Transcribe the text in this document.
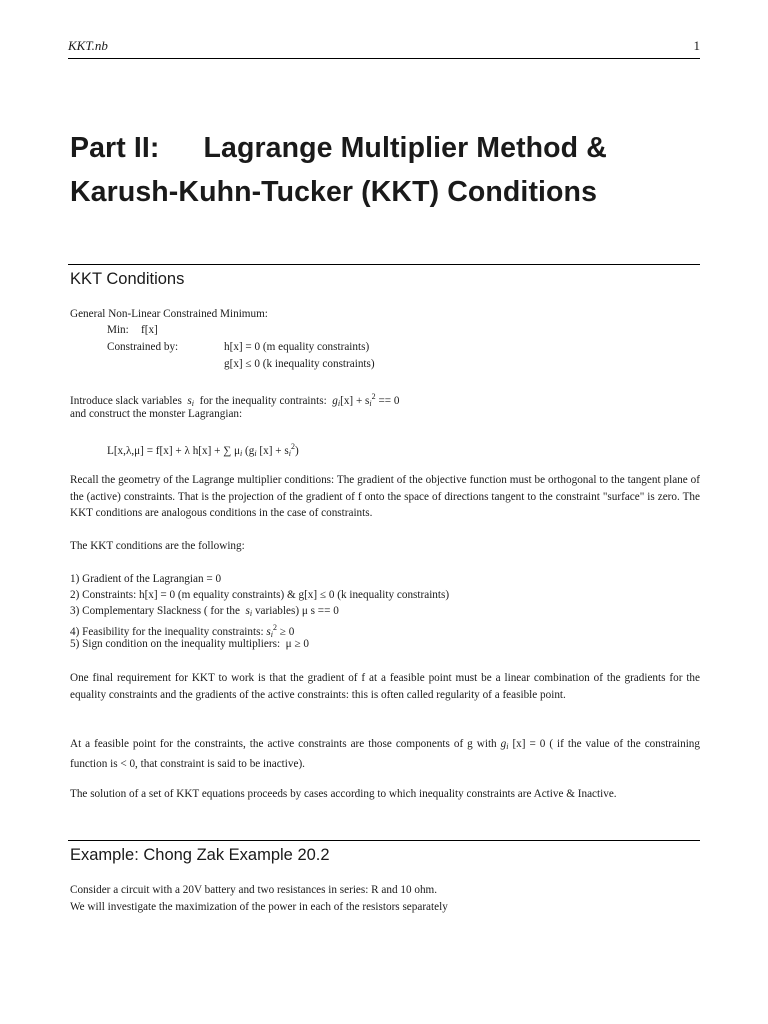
KKT.nb	1
Part II: Lagrange Multiplier Method &
Karush-Kuhn-Tucker (KKT) Conditions
KKT Conditions
General Non-Linear Constrained Minimum:
Min: f[x]
Constrained by:	h[x] = 0 (m equality constraints)
g[x] ≤ 0 (k inequality constraints)
Introduce slack variables $s_i$ for the inequality contraints: $g_i[x] + s_i^2 == 0$
and construct the monster Lagrangian:
L[x,λ,μ] = f[x] + λ h[x] + ∑ $\mu_i$ ($g_i$ $[x] + s_i^2$)
Recall the geometry of the Lagrange multiplier conditions: The gradient of the objective function must be orthogonal to the tangent plane of the (active) constraints. That is the projection of the gradient of f onto the space of directions tangent to the constraint "surface" is zero. The KKT conditions are analogous conditions in the case of constraints.
The KKT conditions are the following:
1) Gradient of the Lagrangian = 0
2) Constraints: h[x] = 0 (m equality constraints) & g[x] ≤ 0 (k inequality constraints)
3) Complementary Slackness ( for the $s_i$ variables) μ s == 0
4) Feasibility for the inequality constraints: $s_i^2 \ge 0$
5) Sign condition on the inequality multipliers: μ ≥ 0
One final requirement for KKT to work is that the gradient of f at a feasible point must be a linear combination of the gradients for the equality constraints and the gradients of the active constraints: this is often called regularity of a feasible point.
At a feasible point for the constraints, the active constraints are those components of g with $g_i$ [x] = 0 ( if the value of the constraining function is < 0, that constraint is said to be inactive).
The solution of a set of KKT equations proceeds by cases according to which inequality constraints are Active & Inactive.
Example: Chong Zak Example 20.2
Consider a circuit with a 20V battery and two resistances in series: R and 10 ohm.
We will investigate the maximization of the power in each of the resistors separately
